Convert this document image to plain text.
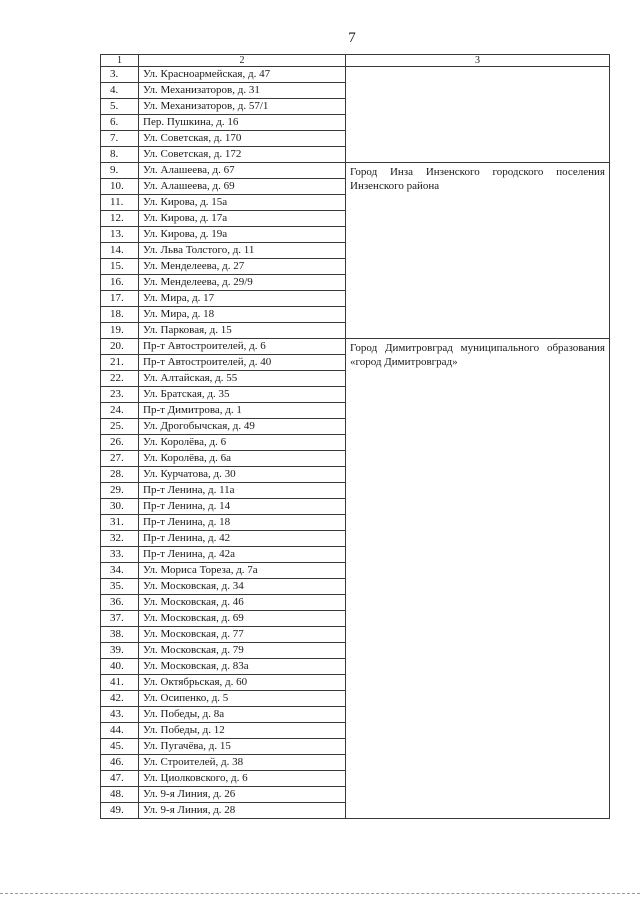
7
1	2	3
3.	Ул. Красноармейская, д. 47	
4.	Ул. Механизаторов, д. 31	
5.	Ул. Механизаторов, д. 57/1	
6.	Пер. Пушкина, д. 16	
7.	Ул. Советская, д. 170	
8.	Ул. Советская, д. 172	
9.	Ул. Алашеева, д. 67	Город Инза Инзенского городского поселения Инзенского района
10.	Ул. Алашеева, д. 69	
11.	Ул. Кирова, д. 15а	
12.	Ул. Кирова, д. 17а	
13.	Ул. Кирова, д. 19а	
14.	Ул. Льва Толстого, д. 11	
15.	Ул. Менделеева, д. 27	
16.	Ул. Менделеева, д. 29/9	
17.	Ул. Мира, д. 17	
18.	Ул. Мира, д. 18	
19.	Ул. Парковая, д. 15	
20.	Пр-т Автостроителей, д. 6	Город Димитровград муниципального образования «город Димитровград»
21.	Пр-т Автостроителей, д. 40	
22.	Ул. Алтайская, д. 55	
23.	Ул. Братская, д. 35	
24.	Пр-т Димитрова, д. 1	
25.	Ул. Дрогобычская, д. 49	
26.	Ул. Королёва, д. 6	
27.	Ул. Королёва, д. 6а	
28.	Ул. Курчатова, д. 30	
29.	Пр-т Ленина, д. 11а	
30.	Пр-т Ленина, д. 14	
31.	Пр-т Ленина, д. 18	
32.	Пр-т Ленина, д. 42	
33.	Пр-т Ленина, д. 42а	
34.	Ул. Мориса Тореза, д. 7а	
35.	Ул. Московская, д. 34	
36.	Ул. Московская, д. 46	
37.	Ул. Московская, д. 69	
38.	Ул. Московская, д. 77	
39.	Ул. Московская, д. 79	
40.	Ул. Московская, д. 83а	
41.	Ул. Октябрьская, д. 60	
42.	Ул. Осипенко, д. 5	
43.	Ул. Победы, д. 8а	
44.	Ул. Победы, д. 12	
45.	Ул. Пугачёва, д. 15	
46.	Ул. Строителей, д. 38	
47.	Ул. Циолковского, д. 6	
48.	Ул. 9-я Линия, д. 26	
49.	Ул. 9-я Линия, д. 28	
